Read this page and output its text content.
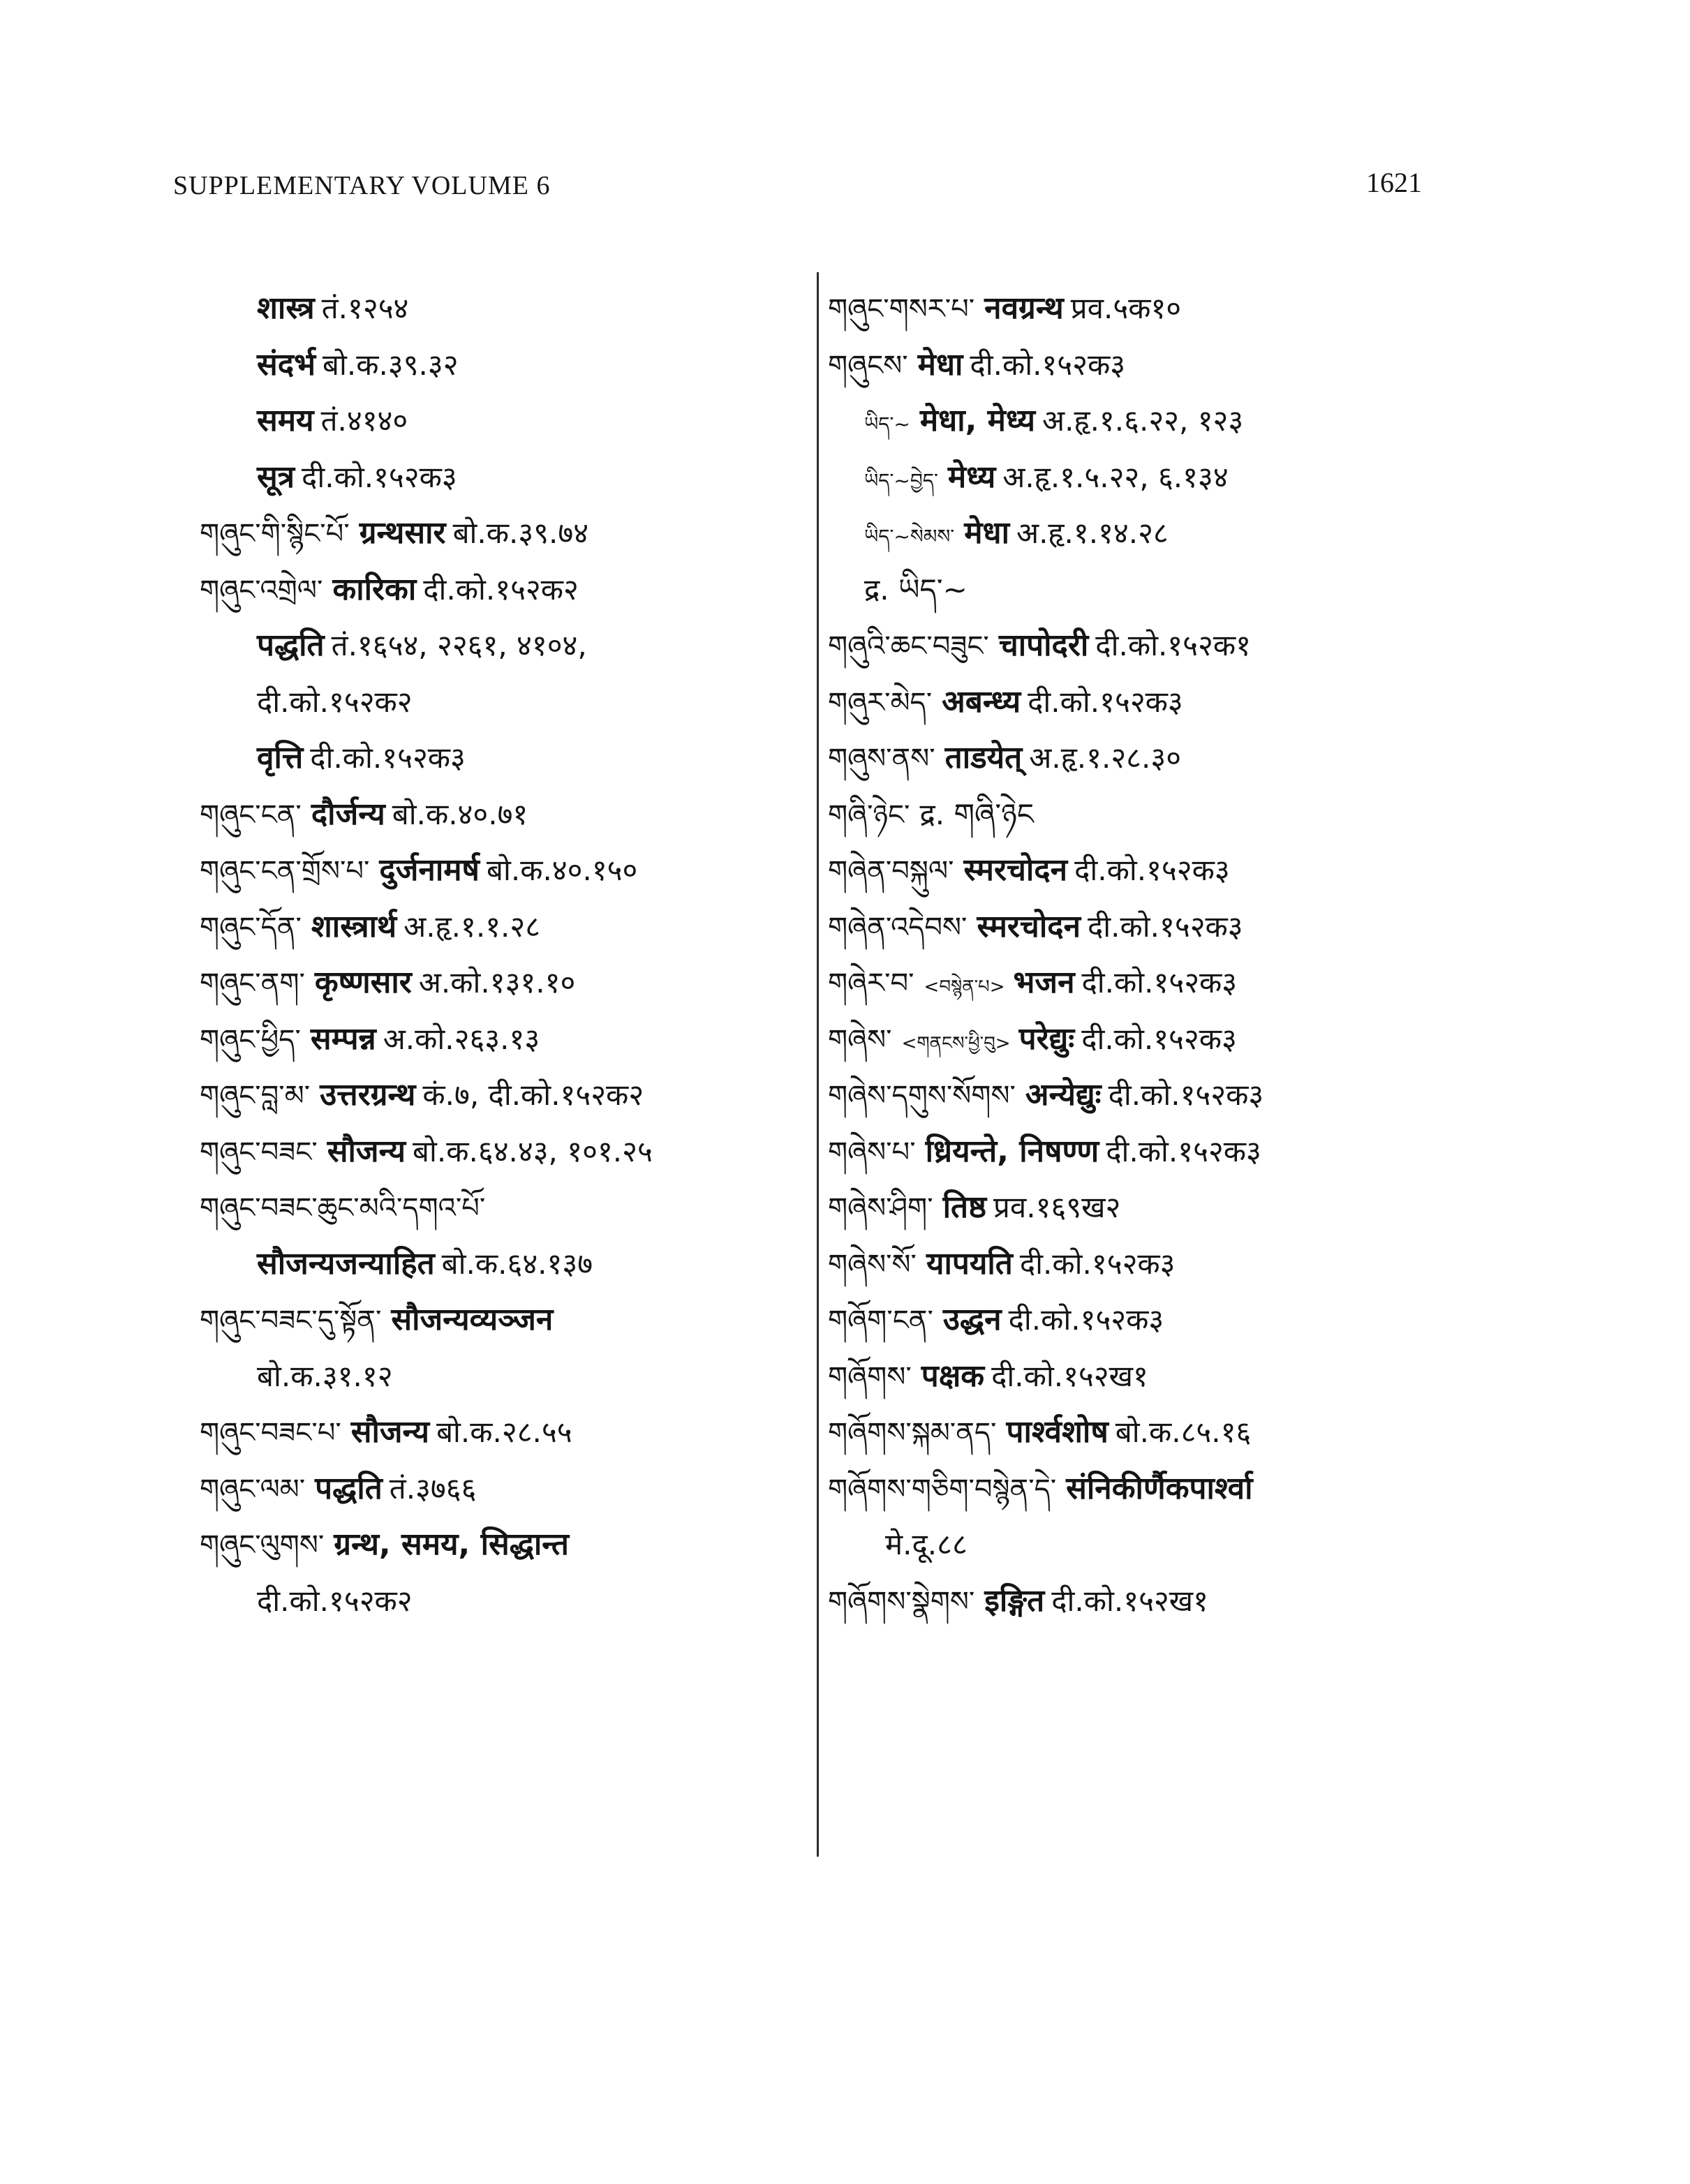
SUPPLEMENTARY VOLUME 6	1621
शास्त्र तं.१२५४
संदर्भ बो.क.३९.३२
समय तं.४१४०
सूत्र दी.को.१५२क३
གཞུང་གི་སྙིང་པོ་ ग्रन्थसार बो.क.३९.७४
གཞུང་འགྲེལ་ कारिका दी.को.१५२क२
पद्धति तं.१६५४, २२६१, ४१०४,
दी.को.१५२क२
वृत्ति दी.को.१५२क३
གཞུང་ངན་ दौर्जन्य बो.क.४०.७१
གཞུང་ངན་གྲོས་པ་ दुर्जनामर्ष बो.क.४०.१५०
གཞུང་དོན་ शास्त्रार्थ अ.हृ.१.१.२८
གཞུང་ནག་ कृष्णसार अ.को.१३१.१०
གཞུང་ཕྱིད་ सम्पन्न अ.को.२६३.१३
གཞུང་བླ་མ་ उत्तरग्रन्थ कं.७, दी.को.१५२क२
གཞུང་བཟང་ सौजन्य बो.क.६४.४३, १०१.२५
གཞུང་བཟང་ཆུང་མའི་དགའ་པོ་
सौजन्यजन्याहित बो.क.६४.१३७
གཞུང་བཟང་དུ་སྟོན་ सौजन्यव्यञ्जन
बो.क.३१.१२
གཞུང་བཟང་པ་ सौजन्य बो.क.२८.५५
གཞུང་ལམ་ पद्धति तं.३७६६
གཞུང་ལུགས་ ग्रन्थ, समय, सिद्धान्त
दी.को.१५२क२
གཞུང་གསར་པ་ नवग्रन्थ प्रव.५क१०
གཞུངས་ मेधा दी.को.१५२क३
ཡིད་~ मेधा, मेध्य अ.हृ.१.६.२२, १२३
ཡིད་~བྱེད་ मेध्य अ.हृ.१.५.२२, ६.१३४
ཡིད་~སེམས་ मेधा अ.हृ.१.१४.२८
द्र. ཡིད་~
གཞུའི་ཆང་བཟུང་ चापोदरी दी.को.१५२क१
གཞུར་མེད་ अबन्ध्य दी.को.१५२क३
གཞུས་ནས་ ताडयेत् अ.हृ.१.२८.३०
གཞི་ཉེང་ द्र. གཞི་ཉེང
གཞེན་བསྐུལ་ स्मरचोदन दी.को.१५२क३
གཞེན་འདེབས་ स्मरचोदन दी.को.१५२क३
གཞེར་བ་ <བསྙེན་པ> भजन दी.को.१५२क३
གཞེས་ <གནངས་ཕྱི་བུ> परेद्युः दी.को.१५२क३
གཞེས་དགུས་སོགས་ अन्येद्युः दी.को.१५२क३
གཞེས་པ་ ध्रियन्ते, निषण्ण दी.को.१५२क३
གཞེས་ཤིག་ तिष्ठ प्रव.१६९ख२
གཞེས་སོ་ यापयति दी.को.१५२क३
གཞོག་ངན་ उद्धन दी.को.१५२क३
གཞོགས་ पक्षक दी.को.१५२ख१
གཞོགས་སྐམ་ནད་ पार्श्वशोष बो.क.८५.१६
གཞོགས་གཅིག་བསྙེན་དེ་ संनिकीर्णैकपार्श्वा
मे.दू.८८
གཞོགས་སྣེགས་ इङ्गित दी.को.१५२ख१
